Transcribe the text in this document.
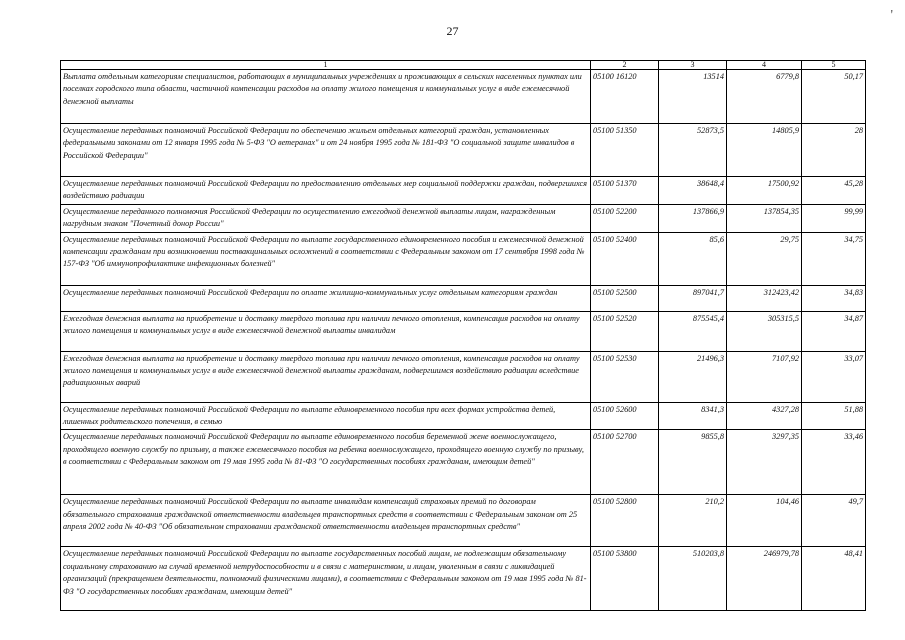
27
'
1	2	3	4	5
Выплата отдельным категориям специалистов, работающих в муниципальных учреждениях и проживающих в сельских населенных пунктах или поселках городского типа области, частичной компенсации расходов на оплату жилого помещения и коммунальных услуг в виде ежемесячной денежной выплаты	05100 16120	13514	6779,8	50,17
Осуществление переданных полномочий Российской Федерации по обеспечению жильем отдельных категорий граждан, установленных федеральными законами от 12 января 1995 года № 5-ФЗ "О ветеранах" и от 24 ноября 1995 года № 181-ФЗ "О социальной защите инвалидов в Российской Федерации"	05100 51350	52873,5	14805,9	28
Осуществление переданных полномочий Российской Федерации по предоставлению отдельных мер социальной поддержки граждан, подвергшихся воздействию радиации	05100 51370	38648,4	17500,92	45,28
Осуществление переданного полномочия Российской Федерации по осуществлению ежегодной денежной выплаты лицам, награжденным нагрудным знаком "Почетный донор России"	05100 52200	137866,9	137854,35	99,99
Осуществление переданных полномочий Российской Федерации по выплате государственного единовременного пособия и ежемесячной денежной компенсации гражданам при возникновении поствакцинальных осложнений в соответствии с Федеральным законом от 17 сентября 1998 года № 157-ФЗ "Об иммунопрофилактике инфекционных болезней"	05100 52400	85,6	29,75	34,75
Осуществление переданных полномочий Российской Федерации по оплате жилищно-коммунальных услуг отдельным категориям граждан	05100 52500	897041,7	312423,42	34,83
Ежегодная денежная выплата на приобретение и доставку твердого топлива при наличии печного отопления, компенсация расходов на оплату жилого помещения и коммунальных услуг в виде ежемесячной денежной выплаты инвалидам	05100 52520	875545,4	305315,5	34,87
Ежегодная денежная выплата на приобретение и доставку твердого топлива при наличии печного отопления, компенсация расходов на оплату жилого помещения и коммунальных услуг в виде ежемесячной денежной выплаты гражданам, подвергшимся воздействию радиации вследствие радиационных аварий	05100 52530	21496,3	7107,92	33,07
Осуществление переданных полномочий Российской Федерации по выплате единовременного пособия при всех формах устройства детей, лишенных родительского попечения, в семью	05100 52600	8341,3	4327,28	51,88
Осуществление переданных полномочий Российской Федерации по выплате единовременного пособия беременной жене военнослужащего, проходящего военную службу по призыву, а также ежемесячного пособия на ребенка военнослужащего, проходящего военную службу по призыву, в соответствии с Федеральным законом от 19 мая 1995 года № 81-ФЗ "О государственных пособиях гражданам, имеющим детей"	05100 52700	9855,8	3297,35	33,46
Осуществление переданных полномочий Российской Федерации по выплате инвалидам компенсаций страховых премий по договорам обязательного страхования гражданской ответственности владельцев транспортных средств в соответствии с Федеральным законом от 25 апреля 2002 года № 40-ФЗ "Об обязательном страховании гражданской ответственности владельцев транспортных средств"	05100 52800	210,2	104,46	49,7
Осуществление переданных полномочий Российской Федерации по выплате государственных пособий лицам, не подлежащим обязательному социальному страхованию на случай временной нетрудоспособности и в связи с материнством, и лицам, уволенным в связи с ликвидацией организаций (прекращением деятельности, полномочий физическими лицами), в соответствии с Федеральным законом от 19 мая 1995 года № 81-ФЗ "О государственных пособиях гражданам, имеющим детей"	05100 53800	510203,8	246979,78	48,41
